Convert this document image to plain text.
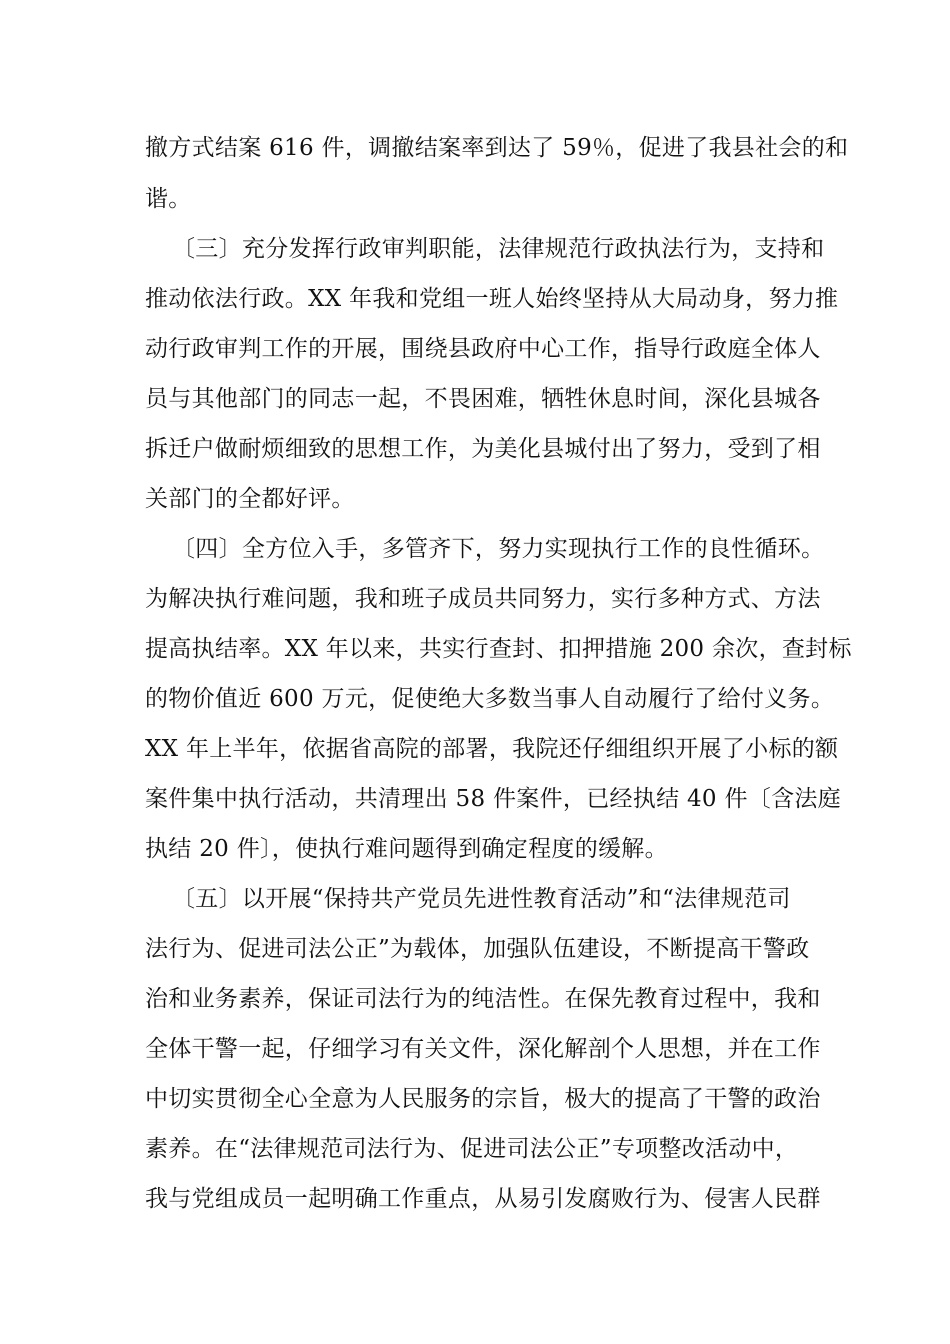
撤方式结案 616 件，调撤结案率到达了 59％，促进了我县社会的和
谐。
〔三〕充分发挥行政审判职能，法律规范行政执法行为，支持和
推动依法行政。XX 年我和党组一班人始终坚持从大局动身，努力推
动行政审判工作的开展，围绕县政府中心工作，指导行政庭全体人
员与其他部门的同志一起，不畏困难，牺牲休息时间，深化县城各
拆迁户做耐烦细致的思想工作，为美化县城付出了努力，受到了相
关部门的全都好评。
〔四〕全方位入手，多管齐下，努力实现执行工作的良性循环。
为解决执行难问题，我和班子成员共同努力，实行多种方式、方法
提高执结率。XX 年以来，共实行查封、扣押措施 200 余次，查封标
的物价值近 600 万元，促使绝大多数当事人自动履行了给付义务。
XX 年上半年，依据省高院的部署，我院还仔细组织开展了小标的额
案件集中执行活动，共清理出 58 件案件，已经执结 40 件〔含法庭
执结 20 件〕，使执行难问题得到确定程度的缓解。
〔五〕以开展“保持共产党员先进性教育活动”和“法律规范司
法行为、促进司法公正”为载体，加强队伍建设，不断提高干警政
治和业务素养，保证司法行为的纯洁性。在保先教育过程中，我和
全体干警一起，仔细学习有关文件，深化解剖个人思想，并在工作
中切实贯彻全心全意为人民服务的宗旨，极大的提高了干警的政治
素养。在“法律规范司法行为、促进司法公正”专项整改活动中，
我与党组成员一起明确工作重点，从易引发腐败行为、侵害人民群
